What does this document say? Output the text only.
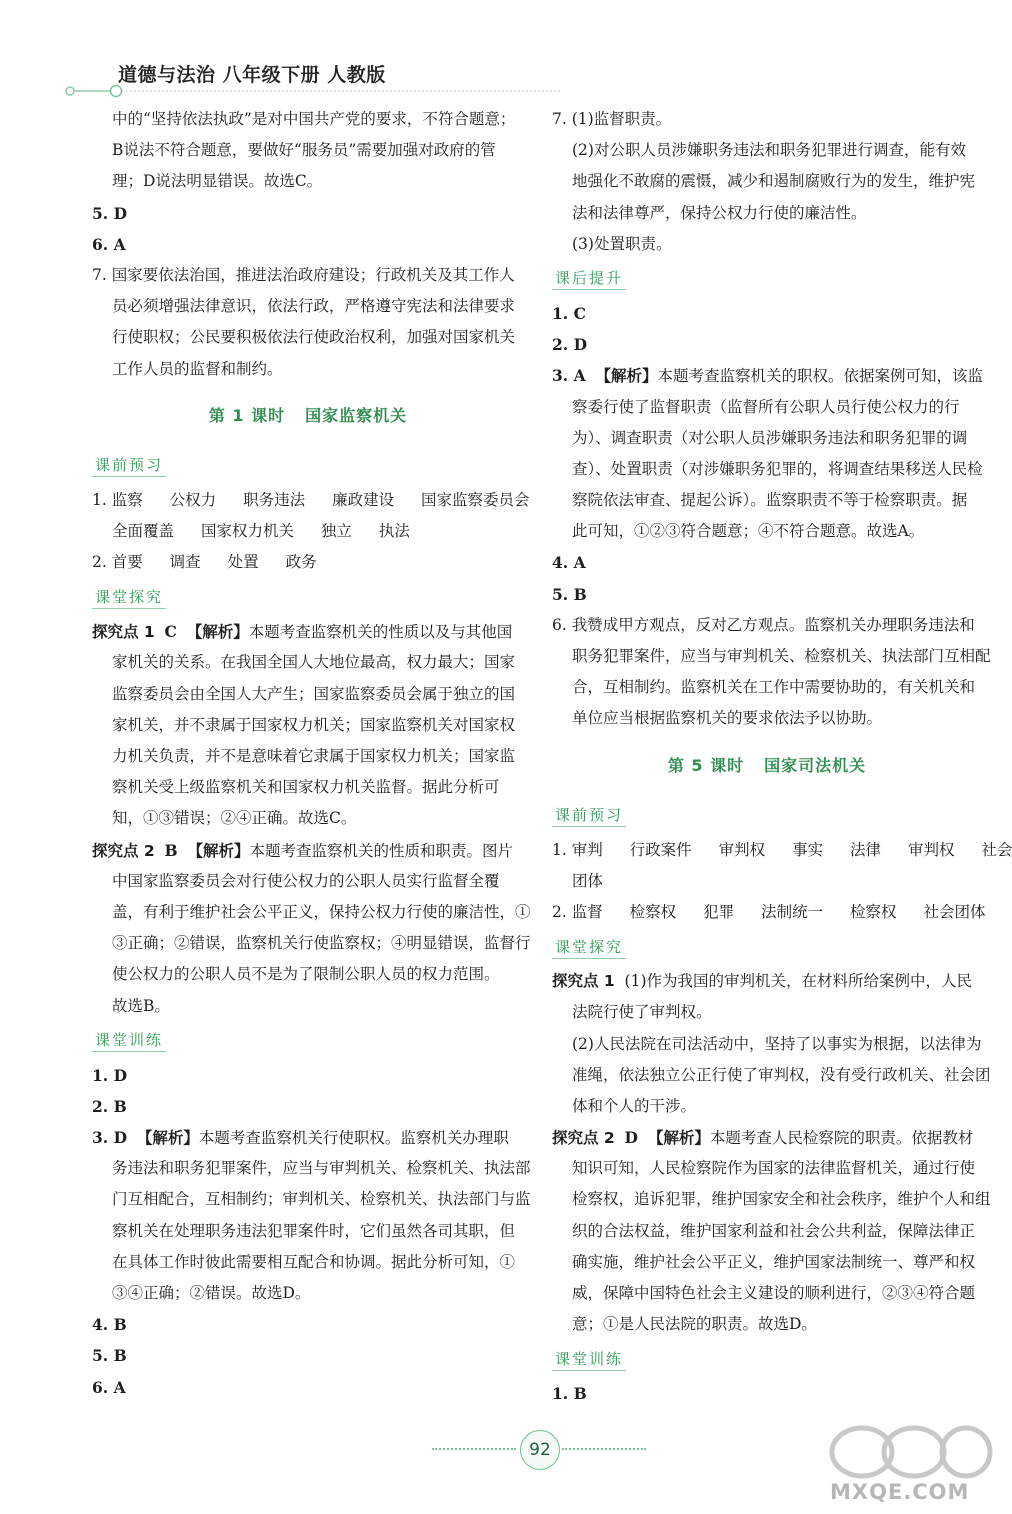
道德与法治 八年级下册 人教版
中的“坚持依法执政”是对中国共产党的要求，不符合题意；
B说法不符合题意，要做好“服务员”需要加强对政府的管
理；D说法明显错误。故选C。
5. D
6. A
7. 国家要依法治国，推进法治政府建设；行政机关及其工作人
员必须增强法律意识，依法行政，严格遵守宪法和法律要求
行使职权；公民要积极依法行使政治权利，加强对国家机关
工作人员的监督和制约。
第 1 课时 国家监察机关
课前预习
1. 监察 公权力 职务违法 廉政建设 国家监察委员会
全面覆盖 国家权力机关 独立 执法
2. 首要 调查 处置 政务
课堂探究
探究点 1 C 【解析】本题考查监察机关的性质以及与其他国
家机关的关系。在我国全国人大地位最高，权力最大；国家
监察委员会由全国人大产生；国家监察委员会属于独立的国
家机关，并不隶属于国家权力机关；国家监察机关对国家权
力机关负责，并不是意味着它隶属于国家权力机关；国家监
察机关受上级监察机关和国家权力机关监督。据此分析可
知，①③错误；②④正确。故选C。
探究点 2 B 【解析】本题考查监察机关的性质和职责。图片
中国家监察委员会对行使公权力的公职人员实行监督全覆
盖，有利于维护社会公平正义，保持公权力行使的廉洁性，①
③正确；②错误，监察机关行使监察权；④明显错误，监督行
使公权力的公职人员不是为了限制公职人员的权力范围。
故选B。
课堂训练
1. D
2. B
3. D 【解析】本题考查监察机关行使职权。监察机关办理职
务违法和职务犯罪案件，应当与审判机关、检察机关、执法部
门互相配合，互相制约；审判机关、检察机关、执法部门与监
察机关在处理职务违法犯罪案件时，它们虽然各司其职，但
在具体工作时彼此需要相互配合和协调。据此分析可知，①
③④正确；②错误。故选D。
4. B
5. B
6. A
7. (1)监督职责。
(2)对公职人员涉嫌职务违法和职务犯罪进行调查，能有效
地强化不敢腐的震慑，减少和遏制腐败行为的发生，维护宪
法和法律尊严，保持公权力行使的廉洁性。
(3)处置职责。
课后提升
1. C
2. D
3. A 【解析】本题考查监察机关的职权。依据案例可知，该监
察委行使了监督职责（监督所有公职人员行使公权力的行
为）、调查职责（对公职人员涉嫌职务违法和职务犯罪的调
查）、处置职责（对涉嫌职务犯罪的，将调查结果移送人民检
察院依法审查、提起公诉）。监察职责不等于检察职责。据
此可知，①②③符合题意；④不符合题意。故选A。
4. A
5. B
6. 我赞成甲方观点，反对乙方观点。监察机关办理职务违法和
职务犯罪案件，应当与审判机关、检察机关、执法部门互相配
合，互相制约。监察机关在工作中需要协助的，有关机关和
单位应当根据监察机关的要求依法予以协助。
第 5 课时 国家司法机关
课前预习
1. 审判 行政案件 审判权 事实 法律 审判权 社会
团体
2. 监督 检察权 犯罪 法制统一 检察权 社会团体
课堂探究
探究点 1 (1)作为我国的审判机关，在材料所给案例中，人民
法院行使了审判权。
(2)人民法院在司法活动中，坚持了以事实为根据，以法律为
准绳，依法独立公正行使了审判权，没有受行政机关、社会团
体和个人的干涉。
探究点 2 D 【解析】本题考查人民检察院的职责。依据教材
知识可知，人民检察院作为国家的法律监督机关，通过行使
检察权，追诉犯罪，维护国家安全和社会秩序，维护个人和组
织的合法权益，维护国家利益和社会公共利益，保障法律正
确实施，维护社会公平正义，维护国家法制统一、尊严和权
威，保障中国特色社会主义建设的顺利进行，②③④符合题
意；①是人民法院的职责。故选D。
课堂训练
1. B
92
MXQE.COM
